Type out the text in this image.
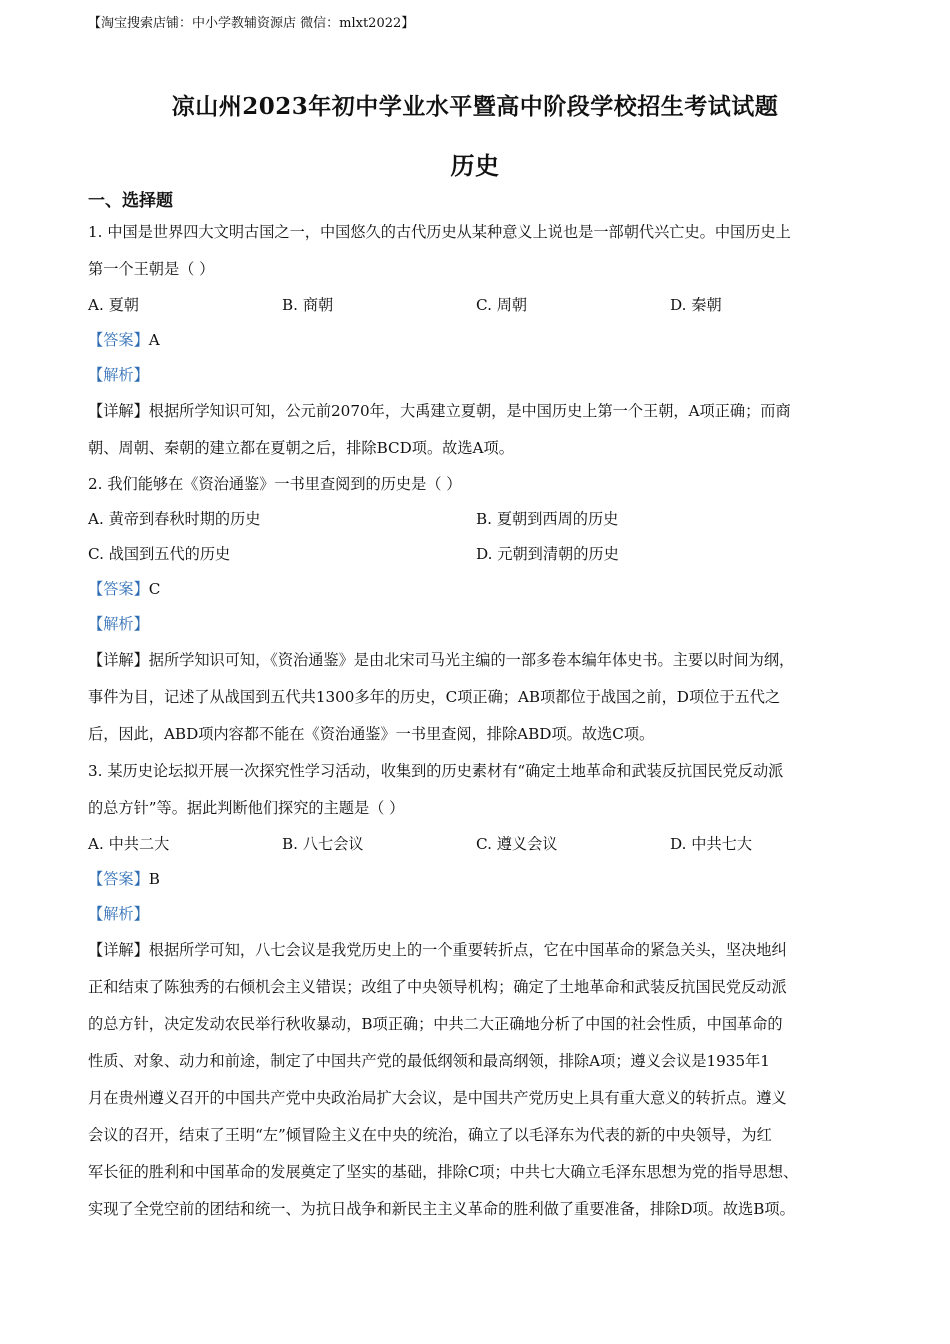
【淘宝搜索店铺：中小学教辅资源店 微信：mlxt2022】
凉山州2023年初中学业水平暨高中阶段学校招生考试试题
历史

一、选择题

1. 中国是世界四大文明古国之一，中国悠久的古代历史从某种意义上说也是一部朝代兴亡史。中国历史上
第一个王朝是（ ）

A. 夏朝	B. 商朝	C. 周朝	D. 秦朝

【答案】A

【解析】

【详解】根据所学知识可知，公元前2070年，大禹建立夏朝，是中国历史上第一个王朝，A项正确；而商
朝、周朝、秦朝的建立都在夏朝之后，排除BCD项。故选A项。

2. 我们能够在《资治通鉴》一书里查阅到的历史是（ ）

A. 黄帝到春秋时期的历史	B. 夏朝到西周的历史
C. 战国到五代的历史	D. 元朝到清朝的历史

【答案】C

【解析】

【详解】据所学知识可知，《资治通鉴》是由北宋司马光主编的一部多卷本编年体史书。主要以时间为纲，
事件为目，记述了从战国到五代共1300多年的历史，C项正确；AB项都位于战国之前，D项位于五代之
后，因此，ABD项内容都不能在《资治通鉴》一书里查阅，排除ABD项。故选C项。

3. 某历史论坛拟开展一次探究性学习活动，收集到的历史素材有“确定土地革命和武装反抗国民党反动派
的总方针”等。据此判断他们探究的主题是（ ）

A. 中共二大	B. 八七会议	C. 遵义会议	D. 中共七大

【答案】B

【解析】

【详解】根据所学可知，八七会议是我党历史上的一个重要转折点，它在中国革命的紧急关头，坚决地纠
正和结束了陈独秀的右倾机会主义错误；改组了中央领导机构；确定了土地革命和武装反抗国民党反动派
的总方针，决定发动农民举行秋收暴动，B项正确；中共二大正确地分析了中国的社会性质，中国革命的
性质、对象、动力和前途，制定了中国共产党的最低纲领和最高纲领，排除A项；遵义会议是1935年1
月在贵州遵义召开的中国共产党中央政治局扩大会议，是中国共产党历史上具有重大意义的转折点。遵义
会议的召开，结束了王明“左”倾冒险主义在中央的统治，确立了以毛泽东为代表的新的中央领导，为红
军长征的胜利和中国革命的发展奠定了坚实的基础，排除C项；中共七大确立毛泽东思想为党的指导思想、
实现了全党空前的团结和统一、为抗日战争和新民主主义革命的胜利做了重要准备，排除D项。故选B项。
